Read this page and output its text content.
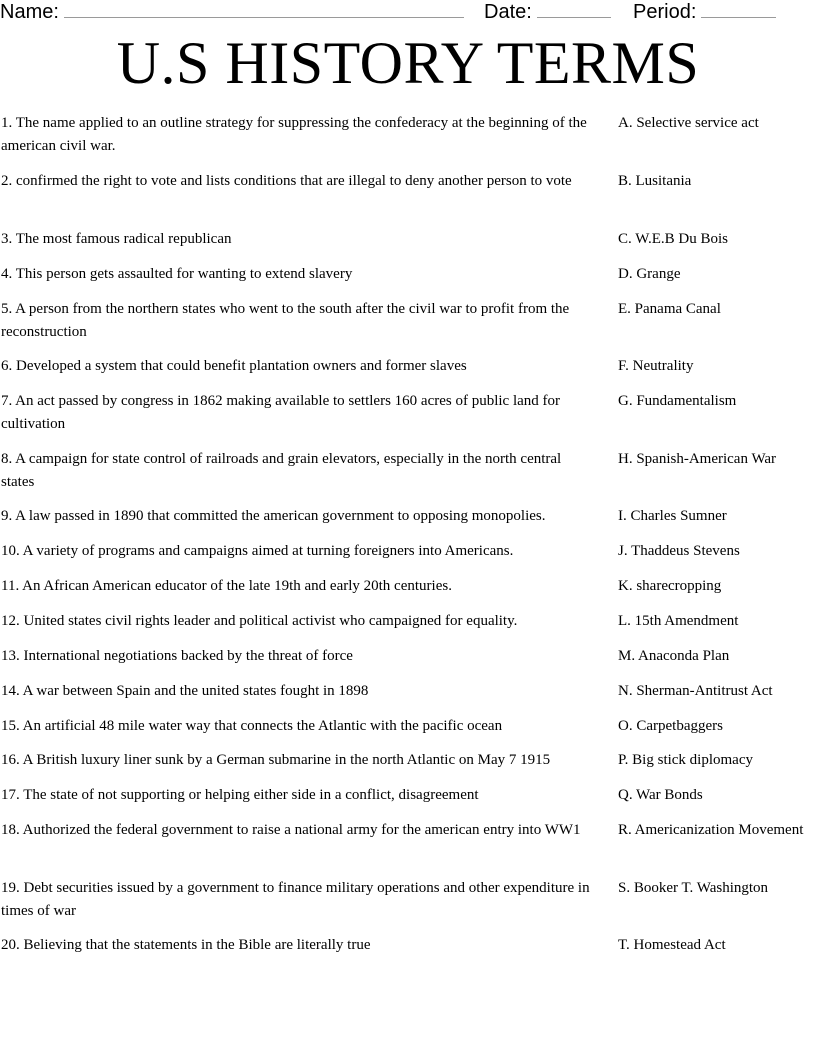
Name:	Date:	Period:
U.S HISTORY TERMS
1. The name applied to an outline strategy for suppressing the confederacy at the beginning of the american civil war.
A. Selective service act
2. confirmed the right to vote and lists conditions that are illegal to deny another person to vote	B. Lusitania
3. The most famous radical republican	C. W.E.B Du Bois
4. This person gets assaulted for wanting to extend slavery	D. Grange
5. A person from the northern states who went to the south after the civil war to profit from the reconstruction
E. Panama Canal
6. Developed a system that could benefit plantation owners and former slaves	F. Neutrality
7. An act passed by congress in 1862 making available to settlers 160 acres of public land for cultivation
G. Fundamentalism
8. A campaign for state control of railroads and grain elevators, especially in the north central states
H. Spanish-American War
9. A law passed in 1890 that committed the american government to opposing monopolies.	I. Charles Sumner
10. A variety of programs and campaigns aimed at turning foreigners into Americans.	J. Thaddeus Stevens
11. An African American educator of the late 19th and early 20th centuries.	K. sharecropping
12. United states civil rights leader and political activist who campaigned for equality.	L. 15th Amendment
13. International negotiations backed by the threat of force	M. Anaconda Plan
14. A war between Spain and the united states fought in 1898	N. Sherman-Antitrust Act
15. An artificial 48 mile water way that connects the Atlantic with the pacific ocean	O. Carpetbaggers
16. A British luxury liner sunk by a German submarine in the north Atlantic on May 7 1915	P. Big stick diplomacy
17. The state of not supporting or helping either side in a conflict, disagreement	Q. War Bonds
18. Authorized the federal government to raise a national army for the american entry into WW1	R. Americanization Movement
19. Debt securities issued by a government to finance military operations and other expenditure in times of war
S. Booker T. Washington
20. Believing that the statements in the Bible are literally true	T. Homestead Act
